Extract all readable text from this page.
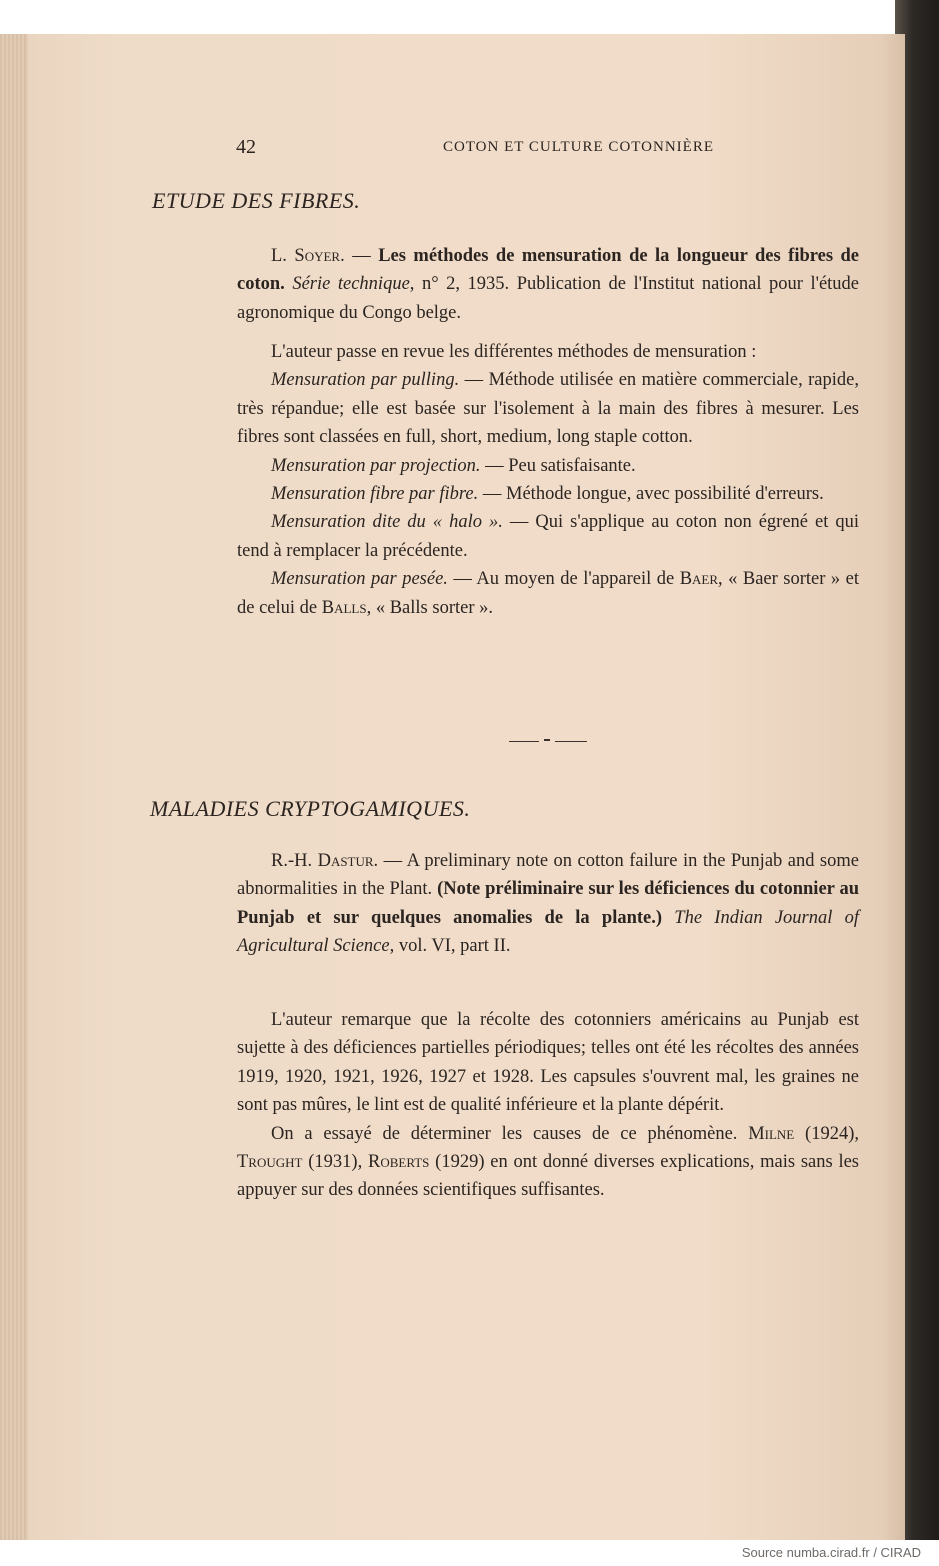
42	COTON ET CULTURE COTONNIÈRE
ETUDE DES FIBRES.

L. Soyer. — Les méthodes de mensuration de la longueur des fibres de coton. Série technique, n° 2, 1935. Publication de l'Institut national pour l'étude agronomique du Congo belge.

L'auteur passe en revue les différentes méthodes de mensuration :

Mensuration par pulling. — Méthode utilisée en matière commerciale, rapide, très répandue; elle est basée sur l'isolement à la main des fibres à mesurer. Les fibres sont classées en full, short, medium, long staple cotton.

Mensuration par projection. — Peu satisfaisante.

Mensuration fibre par fibre. — Méthode longue, avec possibilité d'erreurs.

Mensuration dite du « halo ». — Qui s'applique au coton non égrené et qui tend à remplacer la précédente.

Mensuration par pesée. — Au moyen de l'appareil de Baer, « Baer sorter » et de celui de Balls, « Balls sorter ».

MALADIES CRYPTOGAMIQUES.

R.-H. Dastur. — A preliminary note on cotton failure in the Punjab and some abnormalities in the Plant. (Note préliminaire sur les déficiences du cotonnier au Punjab et sur quelques anomalies de la plante.) The Indian Journal of Agricultural Science, vol. VI, part II.

L'auteur remarque que la récolte des cotonniers américains au Punjab est sujette à des déficiences partielles périodiques; telles ont été les récoltes des années 1919, 1920, 1921, 1926, 1927 et 1928. Les capsules s'ouvrent mal, les graines ne sont pas mûres, le lint est de qualité inférieure et la plante dépérit.

On a essayé de déterminer les causes de ce phénomène. Milne (1924), Trought (1931), Roberts (1929) en ont donné diverses explications, mais sans les appuyer sur des données scientifiques suffisantes.

Source numba.cirad.fr / CIRAD
